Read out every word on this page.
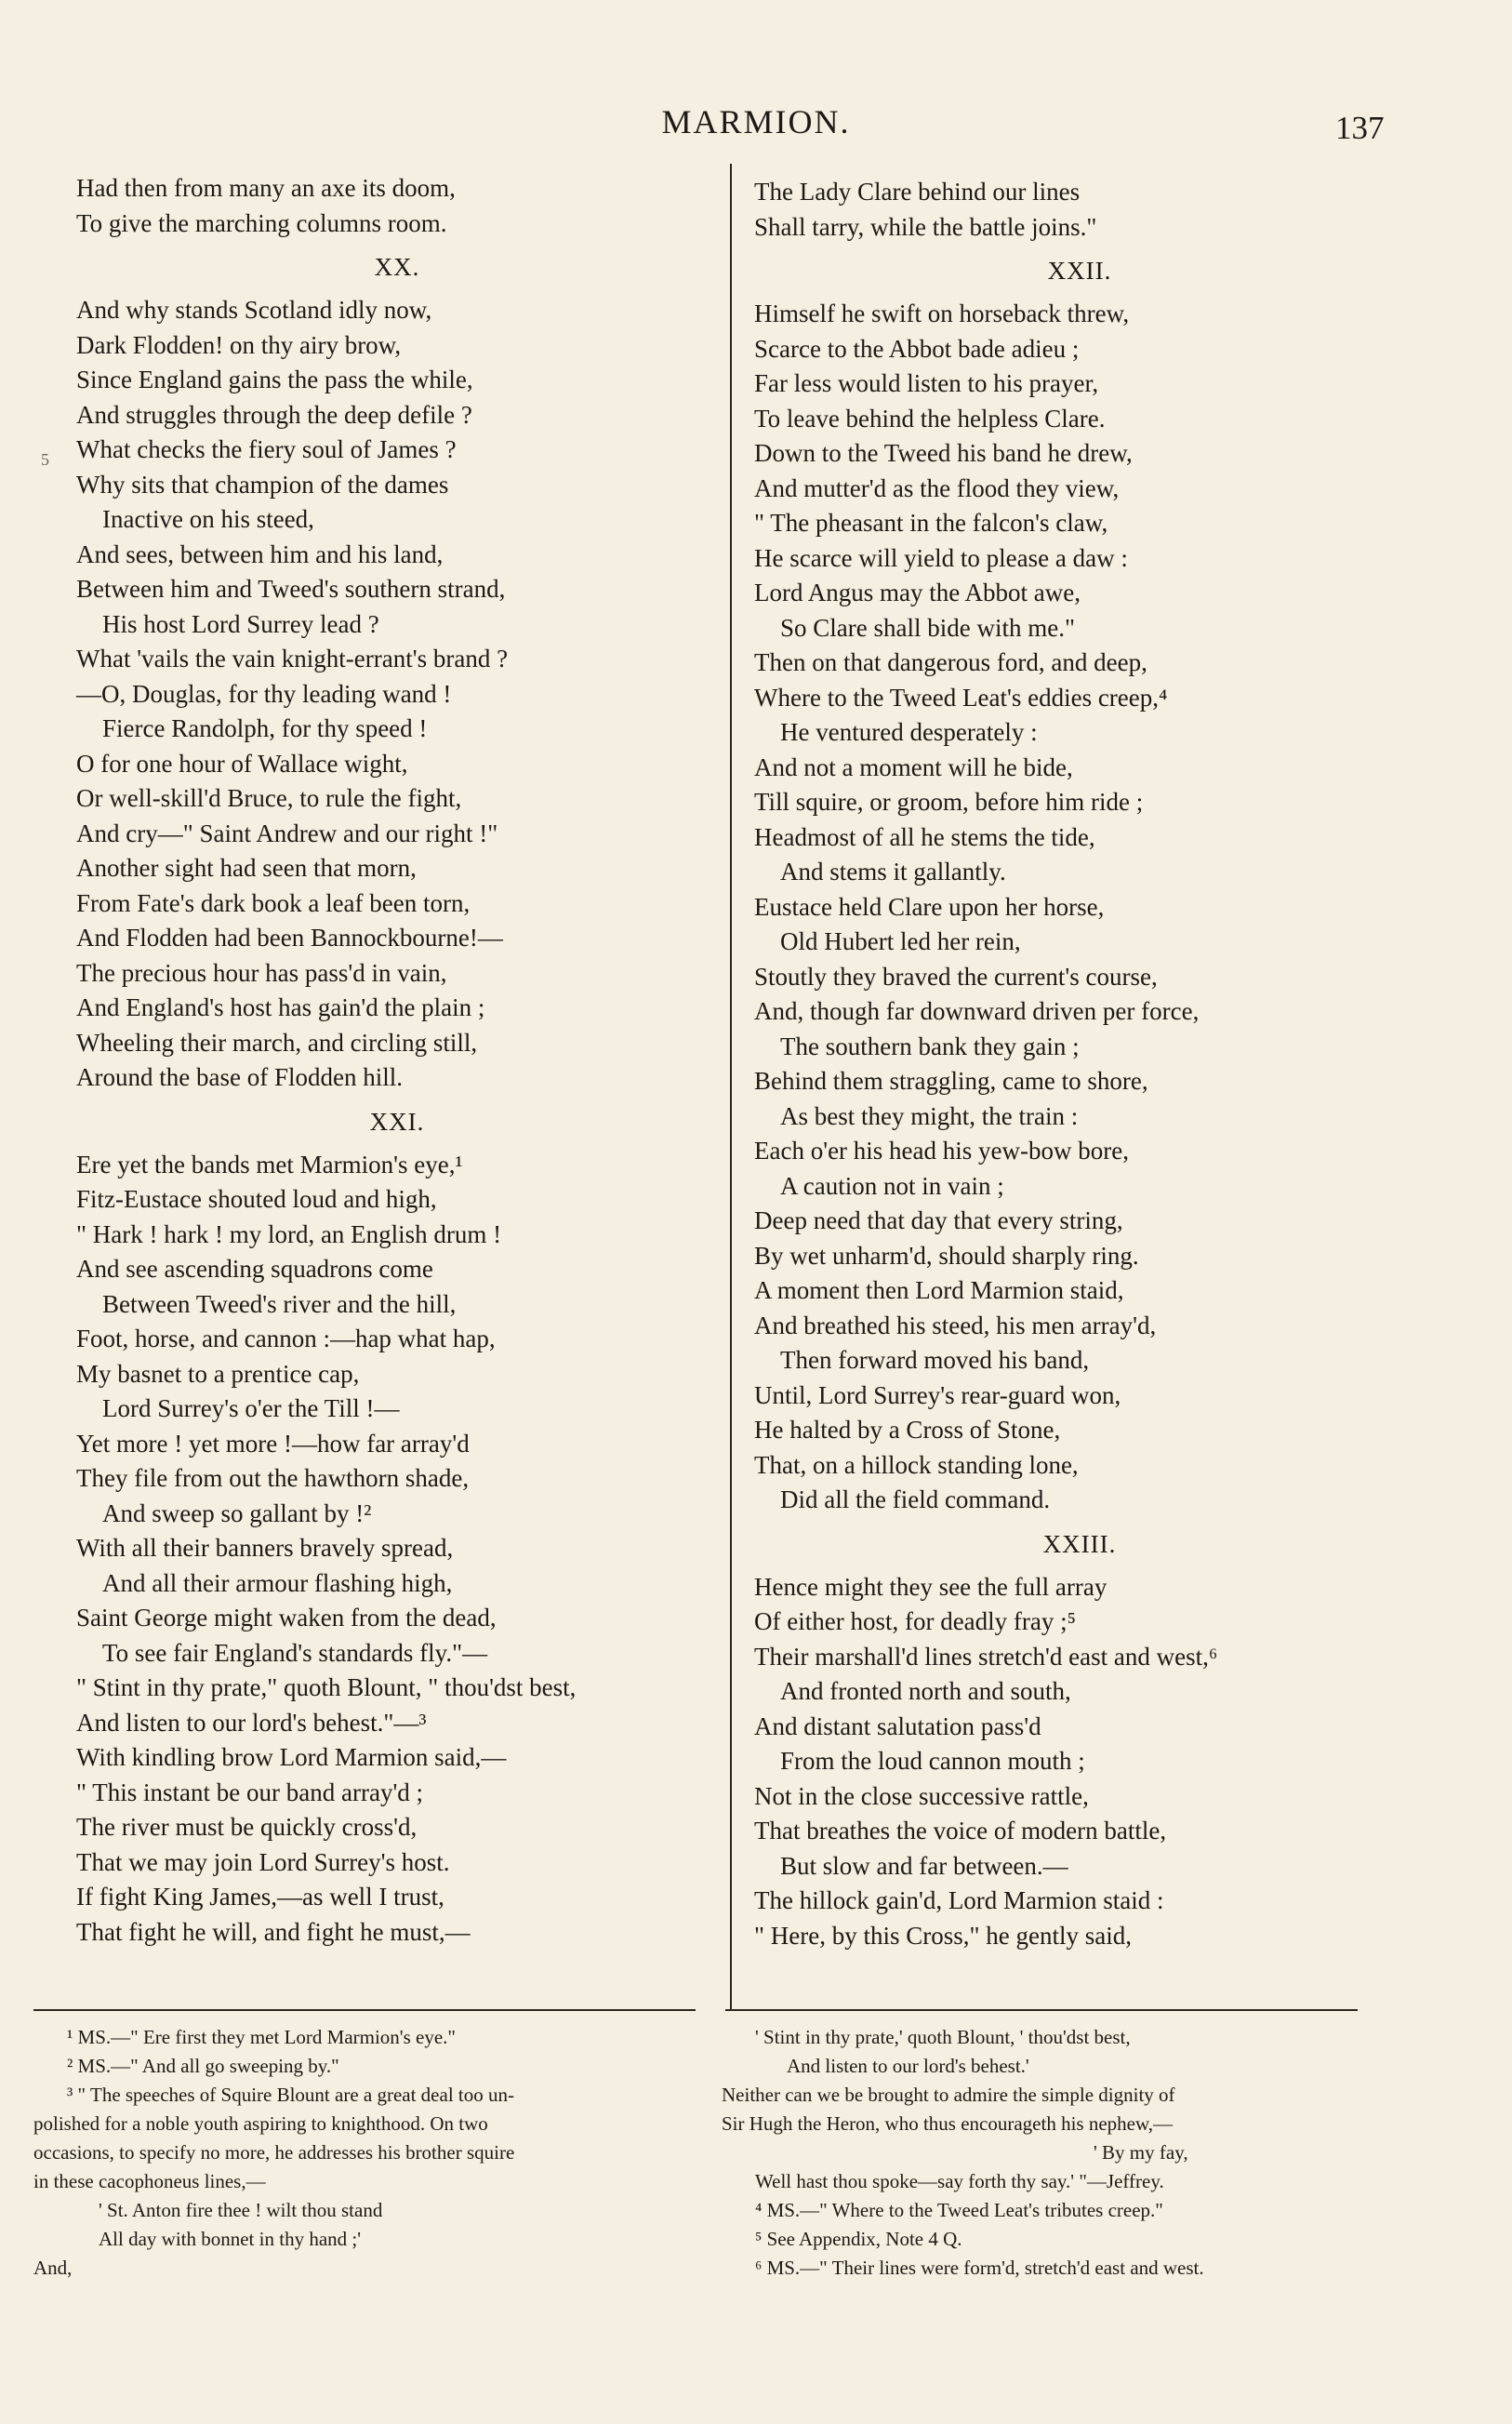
MARMION.	137
5
Had then from many an axe its doom,
To give the marching columns room.
XX.
And why stands Scotland idly now,
Dark Flodden! on thy airy brow,
Since England gains the pass the while,
And struggles through the deep defile ?
What checks the fiery soul of James ?
Why sits that champion of the dames
Inactive on his steed,
And sees, between him and his land,
Between him and Tweed's southern strand,
His host Lord Surrey lead ?
What 'vails the vain knight-errant's brand ?
—O, Douglas, for thy leading wand !
Fierce Randolph, for thy speed !
O for one hour of Wallace wight,
Or well-skill'd Bruce, to rule the fight,
And cry—" Saint Andrew and our right !"
Another sight had seen that morn,
From Fate's dark book a leaf been torn,
And Flodden had been Bannockbourne!—
The precious hour has pass'd in vain,
And England's host has gain'd the plain ;
Wheeling their march, and circling still,
Around the base of Flodden hill.
XXI.
Ere yet the bands met Marmion's eye,¹
Fitz-Eustace shouted loud and high,
" Hark ! hark ! my lord, an English drum !
And see ascending squadrons come
Between Tweed's river and the hill,
Foot, horse, and cannon :—hap what hap,
My basnet to a prentice cap,
Lord Surrey's o'er the Till !—
Yet more ! yet more !—how far array'd
They file from out the hawthorn shade,
And sweep so gallant by !²
With all their banners bravely spread,
And all their armour flashing high,
Saint George might waken from the dead,
To see fair England's standards fly."—
" Stint in thy prate," quoth Blount, " thou'dst best,
And listen to our lord's behest."—³
With kindling brow Lord Marmion said,—
" This instant be our band array'd ;
The river must be quickly cross'd,
That we may join Lord Surrey's host.
If fight King James,—as well I trust,
That fight he will, and fight he must,—
The Lady Clare behind our lines
Shall tarry, while the battle joins."
XXII.
Himself he swift on horseback threw,
Scarce to the Abbot bade adieu ;
Far less would listen to his prayer,
To leave behind the helpless Clare.
Down to the Tweed his band he drew,
And mutter'd as the flood they view,
" The pheasant in the falcon's claw,
He scarce will yield to please a daw :
Lord Angus may the Abbot awe,
So Clare shall bide with me."
Then on that dangerous ford, and deep,
Where to the Tweed Leat's eddies creep,⁴
He ventured desperately :
And not a moment will he bide,
Till squire, or groom, before him ride ;
Headmost of all he stems the tide,
And stems it gallantly.
Eustace held Clare upon her horse,
Old Hubert led her rein,
Stoutly they braved the current's course,
And, though far downward driven per force,
The southern bank they gain ;
Behind them straggling, came to shore,
As best they might, the train :
Each o'er his head his yew-bow bore,
A caution not in vain ;
Deep need that day that every string,
By wet unharm'd, should sharply ring.
A moment then Lord Marmion staid,
And breathed his steed, his men array'd,
Then forward moved his band,
Until, Lord Surrey's rear-guard won,
He halted by a Cross of Stone,
That, on a hillock standing lone,
Did all the field command.
XXIII.
Hence might they see the full array
Of either host, for deadly fray ;⁵
Their marshall'd lines stretch'd east and west,⁶
And fronted north and south,
And distant salutation pass'd
From the loud cannon mouth ;
Not in the close successive rattle,
That breathes the voice of modern battle,
But slow and far between.—
The hillock gain'd, Lord Marmion staid :
" Here, by this Cross," he gently said,
¹ MS.—" Ere first they met Lord Marmion's eye."
² MS.—" And all go sweeping by."
³ " The speeches of Squire Blount are a great deal too un-
polished for a noble youth aspiring to knighthood. On two
occasions, to specify no more, he addresses his brother squire
in these cacophoneus lines,—
' St. Anton fire thee ! wilt thou stand
All day with bonnet in thy hand ;'
And,
' Stint in thy prate,' quoth Blount, ' thou'dst best,
And listen to our lord's behest.'
Neither can we be brought to admire the simple dignity of
Sir Hugh the Heron, who thus encourageth his nephew,—
' By my fay,
Well hast thou spoke—say forth thy say.' "—Jeffrey.
⁴ MS.—" Where to the Tweed Leat's tributes creep."
⁵ See Appendix, Note 4 Q.
⁶ MS.—" Their lines were form'd, stretch'd east and west.
